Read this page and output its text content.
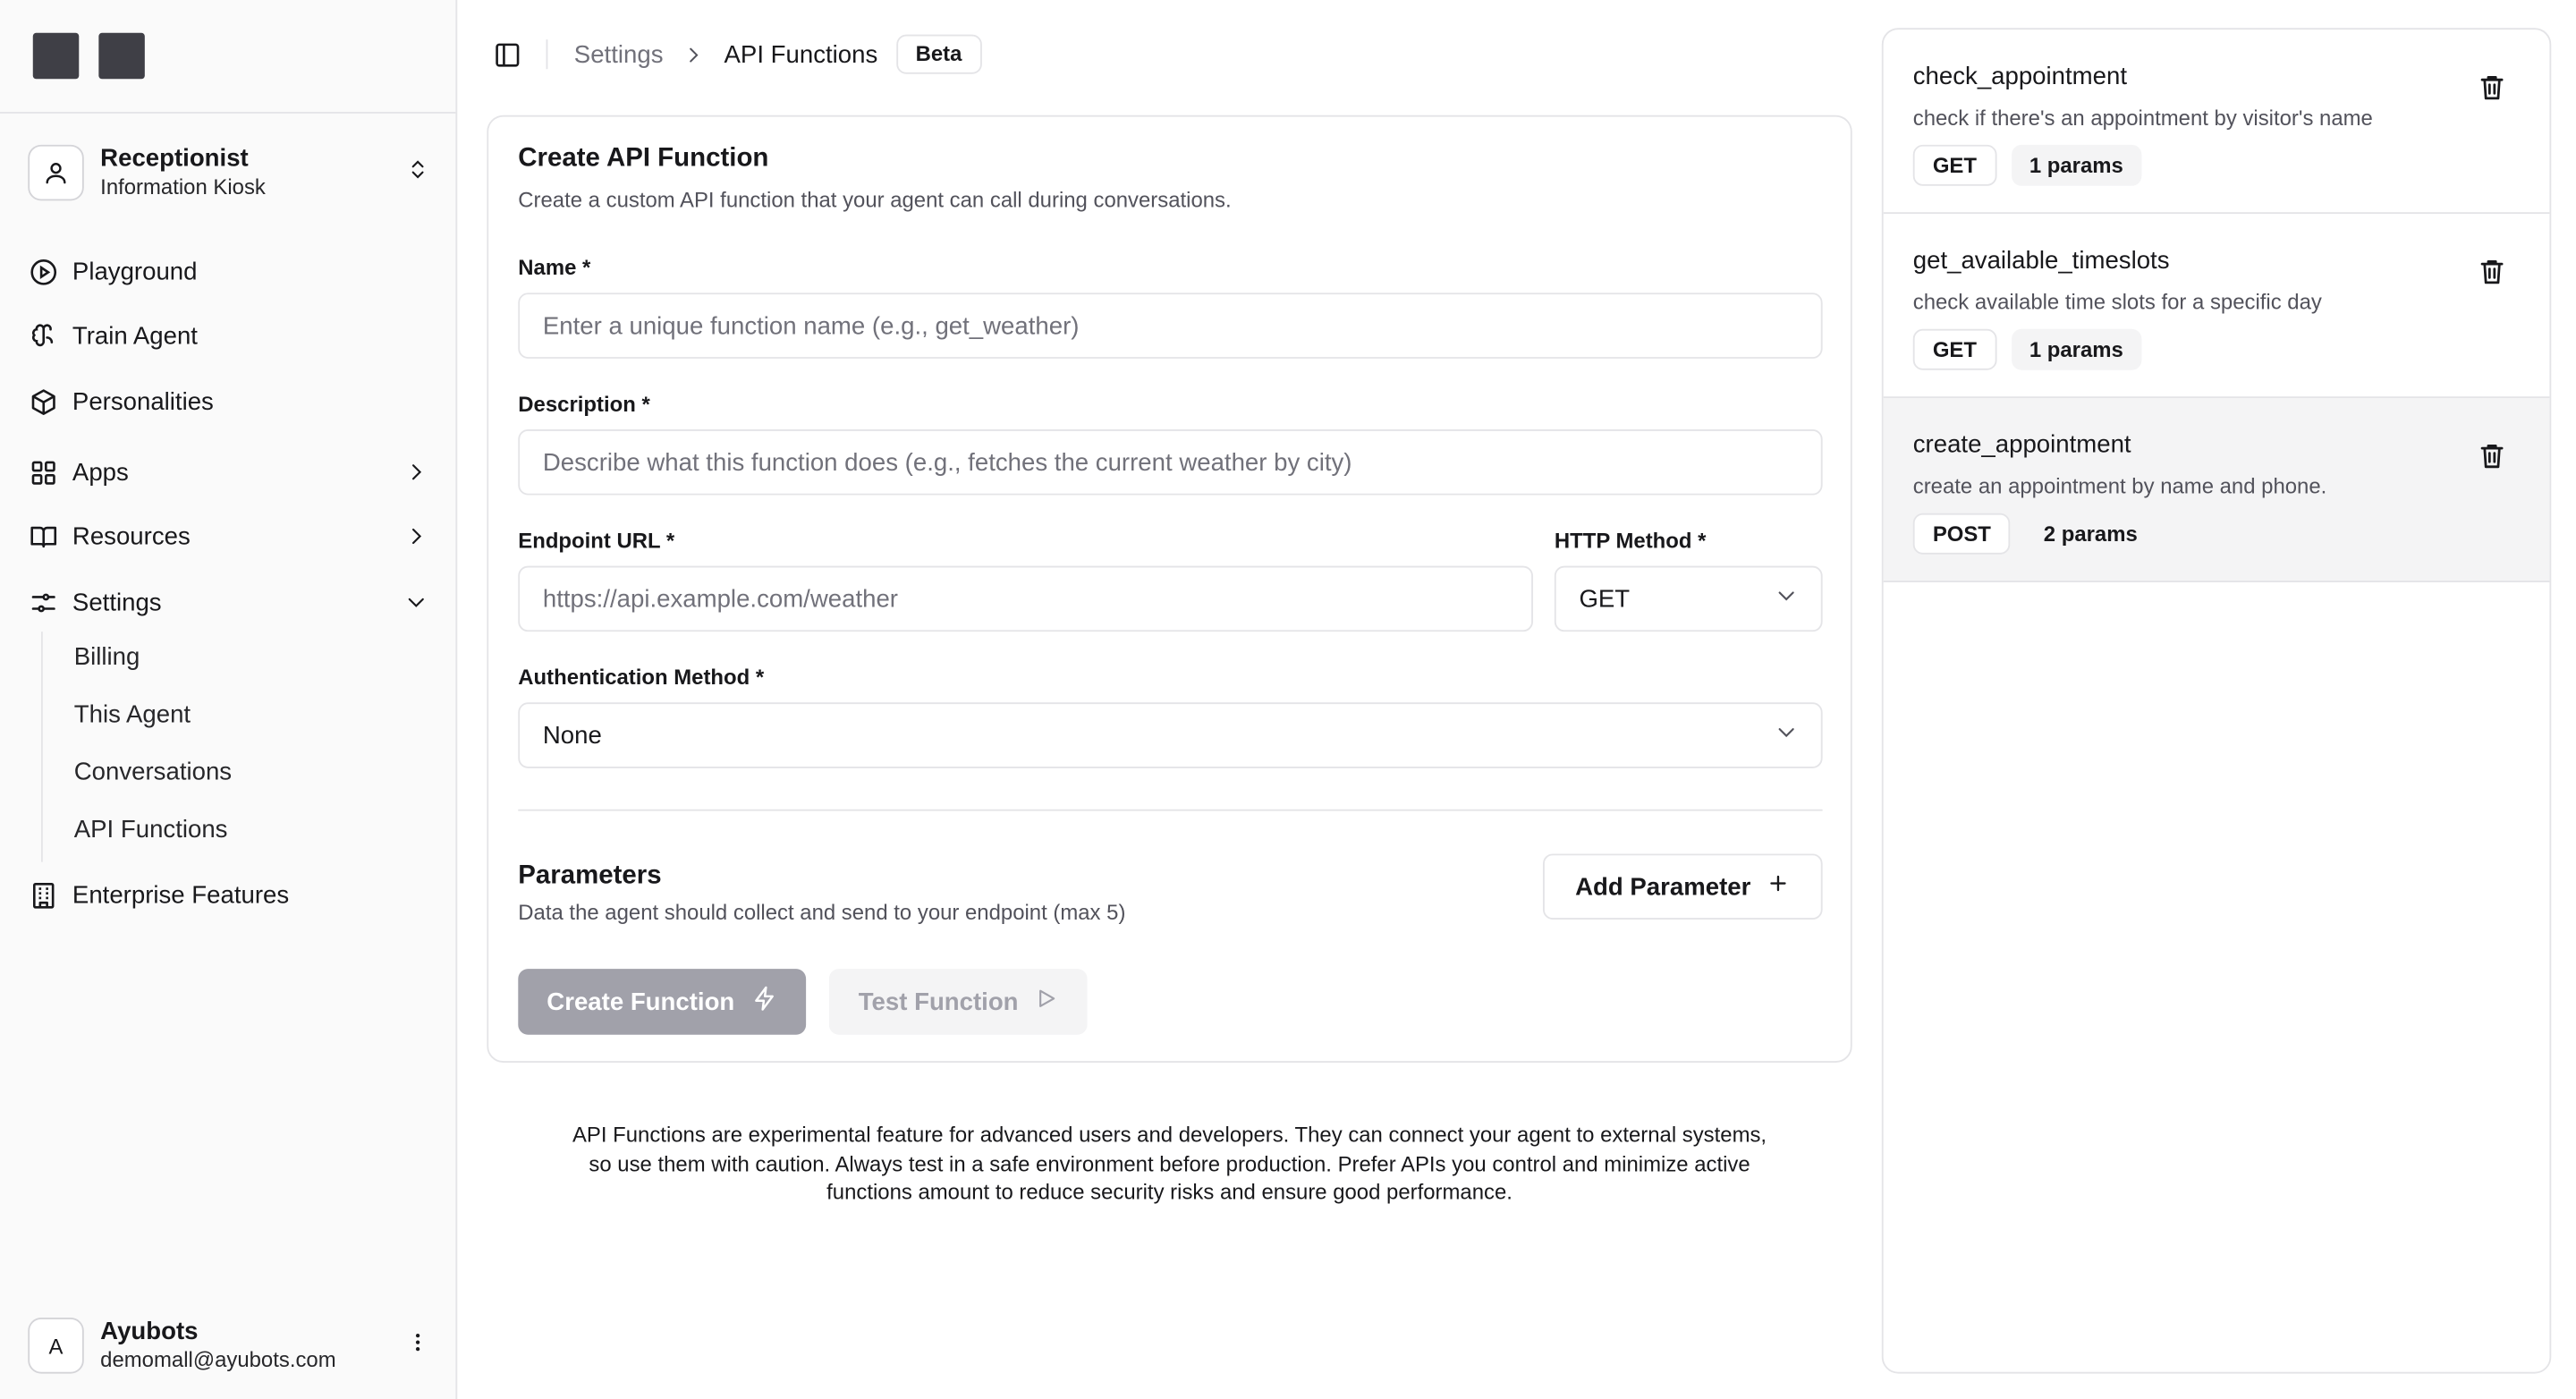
Receptionist
Information Kiosk
Playground
Train Agent
Personalities
Apps
Resources
Settings
Billing
This Agent
Conversations
API Functions
Enterprise Features
A	Ayubots
demomall@ayubots.com
Settings	API Functions	Beta
Create API Function
Create a custom API function that your agent can call during conversations.
Name *
Enter a unique function name (e.g., get_weather)
Description *
Describe what this function does (e.g., fetches the current weather by city)
Endpoint URL *
https://api.example.com/weather	HTTP Method *
GET
Authentication Method *
None
Parameters
Data the agent should collect and send to your endpoint (max 5)
Add Parameter
Create Function	Test Function

API Functions are experimental feature for advanced users and developers. They can connect your agent to external systems, so use them with caution. Always test in a safe environment before production. Prefer APIs you control and minimize active functions amount to reduce security risks and ensure good performance.

check_appointment
check if there's an appointment by visitor's name
GET	1 params
get_available_timeslots
check available time slots for a specific day
GET	1 params
create_appointment
create an appointment by name and phone.
POST	2 params
